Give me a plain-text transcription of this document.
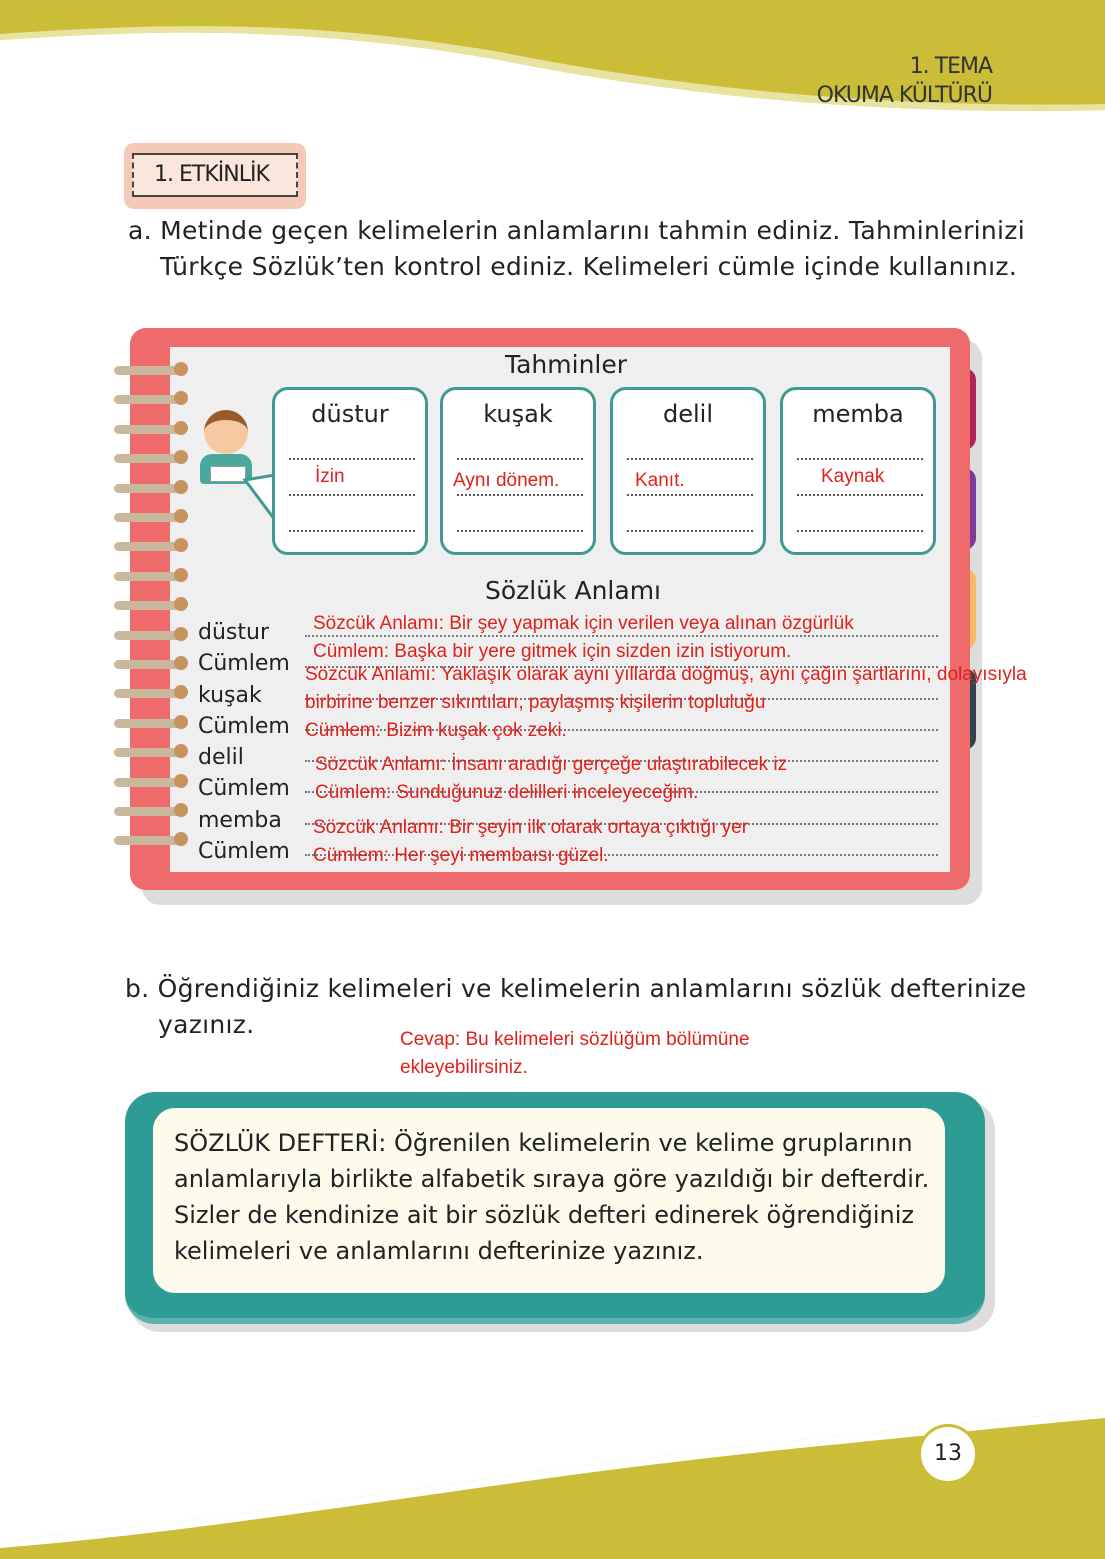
1. TEMA
OKUMA KÜLTÜRÜ
1. ETKİNLİK
a. Metinde geçen kelimelerin anlamlarını tahmin ediniz. Tahminlerinizi
Türkçe Sözlük’ten kontrol ediniz. Kelimeleri cümle içinde kullanınız.
Tahminler
düstur
İzin
kuşak
Aynı dönem.
delil
Kanıt.
memba
Kaynak
Sözlük Anlamı
düstur
Cümlem
kuşak
Cümlem
delil
Cümlem
memba
Cümlem
Sözcük Anlamı: Bir şey yapmak için verilen veya alınan özgürlük
Cümlem: Başka bir yere gitmek için sizden izin istiyorum.
Sözcük Anlamı: Yaklaşık olarak aynı yıllarda doğmuş, aynı çağın şartlarını, dolayısıyla
birbirine benzer sıkıntıları, paylaşmış kişilerin topluluğu
Cümlem: Bizim kuşak çok zeki.
Sözcük Anlamı: İnsanı aradığı gerçeğe ulaştırabilecek iz
Cümlem: Sunduğunuz delilleri inceleyeceğim.
Sözcük Anlamı: Bir şeyin ilk olarak ortaya çıktığı yer
Cümlem: Her şeyi membaısı güzel.
b. Öğrendiğiniz kelimeleri ve kelimelerin anlamlarını sözlük defterinize
yazınız.
Cevap: Bu kelimeleri sözlüğüm bölümüne
ekleyebilirsiniz.
SÖZLÜK DEFTERİ: Öğrenilen kelimelerin ve kelime gruplarının
anlamlarıyla birlikte alfabetik sıraya göre yazıldığı bir defterdir.
Sizler de kendinize ait bir sözlük defteri edinerek öğrendiğiniz
kelimeleri ve anlamlarını defterinize yazınız.
13
